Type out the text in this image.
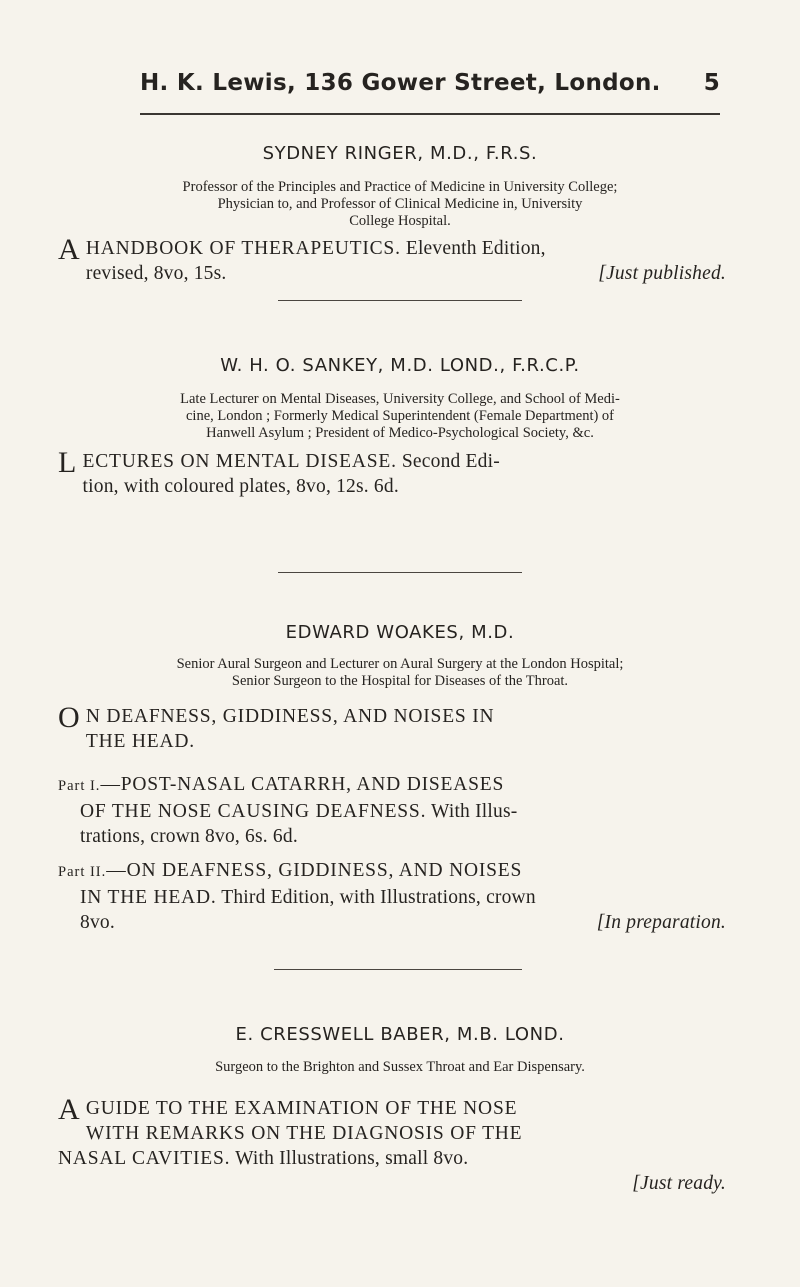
H. K. Lewis, 136 Gower Street, London. 5
SYDNEY RINGER, M.D., F.R.S.
Professor of the Principles and Practice of Medicine in University College;
Physician to, and Professor of Clinical Medicine in, University
College Hospital.
A HANDBOOK OF THERAPEUTICS. Eleventh Edition,
revised, 8vo, 15s.	[Just published.
W. H. O. SANKEY, M.D. LOND., F.R.C.P.
Late Lecturer on Mental Diseases, University College, and School of Medi-
cine, London ; Formerly Medical Superintendent (Female Department) of
Hanwell Asylum ; President of Medico-Psychological Society, &c.
L ECTURES ON MENTAL DISEASE. Second Edi-
tion, with coloured plates, 8vo, 12s. 6d.
EDWARD WOAKES, M.D.
Senior Aural Surgeon and Lecturer on Aural Surgery at the London Hospital;
Senior Surgeon to the Hospital for Diseases of the Throat.
O N DEAFNESS, GIDDINESS, AND NOISES IN
THE HEAD.
Part I.—POST-NASAL CATARRH, AND DISEASES
OF THE NOSE CAUSING DEAFNESS. With Illus-
trations, crown 8vo, 6s. 6d.
Part II.—ON DEAFNESS, GIDDINESS, AND NOISES
IN THE HEAD. Third Edition, with Illustrations, crown
8vo.	[In preparation.
E. CRESSWELL BABER, M.B. LOND.
Surgeon to the Brighton and Sussex Throat and Ear Dispensary.
A GUIDE TO THE EXAMINATION OF THE NOSE
WITH REMARKS ON THE DIAGNOSIS OF THE
NASAL CAVITIES. With Illustrations, small 8vo.
[Just ready.
